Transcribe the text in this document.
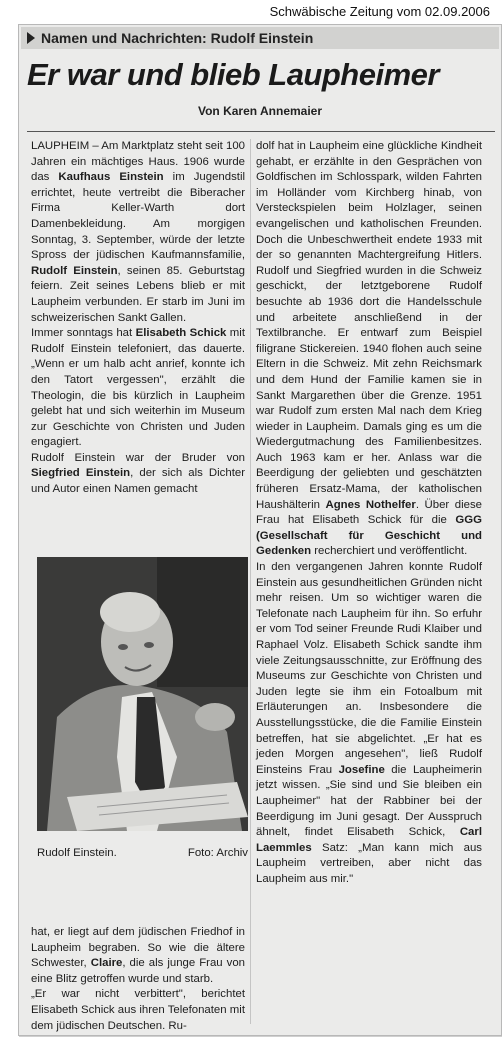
Schwäbische Zeitung vom 02.09.2006
Namen und Nachrichten: Rudolf Einstein
Er war und blieb Laupheimer
Von Karen Annemaier

LAUPHEIM – Am Marktplatz steht seit 100 Jahren ein mächtiges Haus. 1906 wurde das Kaufhaus Einstein im Jugendstil errichtet, heute vertreibt die Biberacher Firma Keller-Warth dort Damenbekleidung. Am morgigen Sonntag, 3. September, würde der letzte Spross der jüdischen Kaufmannsfamilie, Rudolf Einstein, seinen 85. Geburtstag feiern. Zeit seines Lebens blieb er mit Laupheim verbunden. Er starb im Juni im schweizerischen Sankt Gallen.

Immer sonntags hat Elisabeth Schick mit Rudolf Einstein telefoniert, das dauerte. „Wenn er um halb acht anrief, konnte ich den Tatort vergessen", erzählt die Theologin, die bis kürzlich in Laupheim gelebt hat und sich weiterhin im Museum zur Geschichte von Christen und Juden engagiert.

Rudolf Einstein war der Bruder von Siegfried Einstein, der sich als Dichter und Autor einen Namen gemacht

Rudolf Einstein.	Foto: Archiv

hat, er liegt auf dem jüdischen Friedhof in Laupheim begraben. So wie die ältere Schwester, Claire, die als junge Frau von eine Blitz getroffen wurde und starb.

„Er war nicht verbittert", berichtet Elisabeth Schick aus ihren Telefonaten mit dem jüdischen Deutschen. Ru-

dolf hat in Laupheim eine glückliche Kindheit gehabt, er erzählte in den Gesprächen von Goldfischen im Schlosspark, wilden Fahrten im Holländer vom Kirchberg hinab, von Versteckspielen beim Holzlager, seinen evangelischen und katholischen Freunden. Doch die Unbeschwertheit endete 1933 mit der so genannten Machtergreifung Hitlers. Rudolf und Siegfried wurden in die Schweiz geschickt, der letztgeborene Rudolf besuchte ab 1936 dort die Handelsschule und arbeitete anschließend in der Textilbranche. Er entwarf zum Beispiel filigrane Stickereien. 1940 flohen auch seine Eltern in die Schweiz. Mit zehn Reichsmark und dem Hund der Familie kamen sie in Sankt Margarethen über die Grenze. 1951 war Rudolf zum ersten Mal nach dem Krieg wieder in Laupheim. Damals ging es um die Wiedergutmachung des Familienbesitzes. Auch 1963 kam er her. Anlass war die Beerdigung der geliebten und geschätzten früheren Ersatz-Mama, der katholischen Haushälterin Agnes Nothelfer. Über diese Frau hat Elisabeth Schick für die GGG (Gesellschaft für Geschicht und Gedenken recherchiert und veröffentlicht.

In den vergangenen Jahren konnte Rudolf Einstein aus gesundheitlichen Gründen nicht mehr reisen. Um so wichtiger waren die Telefonate nach Laupheim für ihn. So erfuhr er vom Tod seiner Freunde Rudi Klaiber und Raphael Volz. Elisabeth Schick sandte ihm viele Zeitungsausschnitte, zur Eröffnung des Museums zur Geschichte von Christen und Juden legte sie ihm ein Fotoalbum mit Erläuterungen an. Insbesondere die Ausstellungsstücke, die die Familie Einstein betreffen, hat sie abgelichtet. „Er hat es jeden Morgen angesehen", ließ Rudolf Einsteins Frau Josefine die Laupheimerin jetzt wissen. „Sie sind und Sie bleiben ein Laupheimer" hat der Rabbiner bei der Beerdigung im Juni gesagt. Der Ausspruch ähnelt, findet Elisabeth Schick, Carl Laemmles Satz: „Man kann mich aus Laupheim vertreiben, aber nicht das Laupheim aus mir."
